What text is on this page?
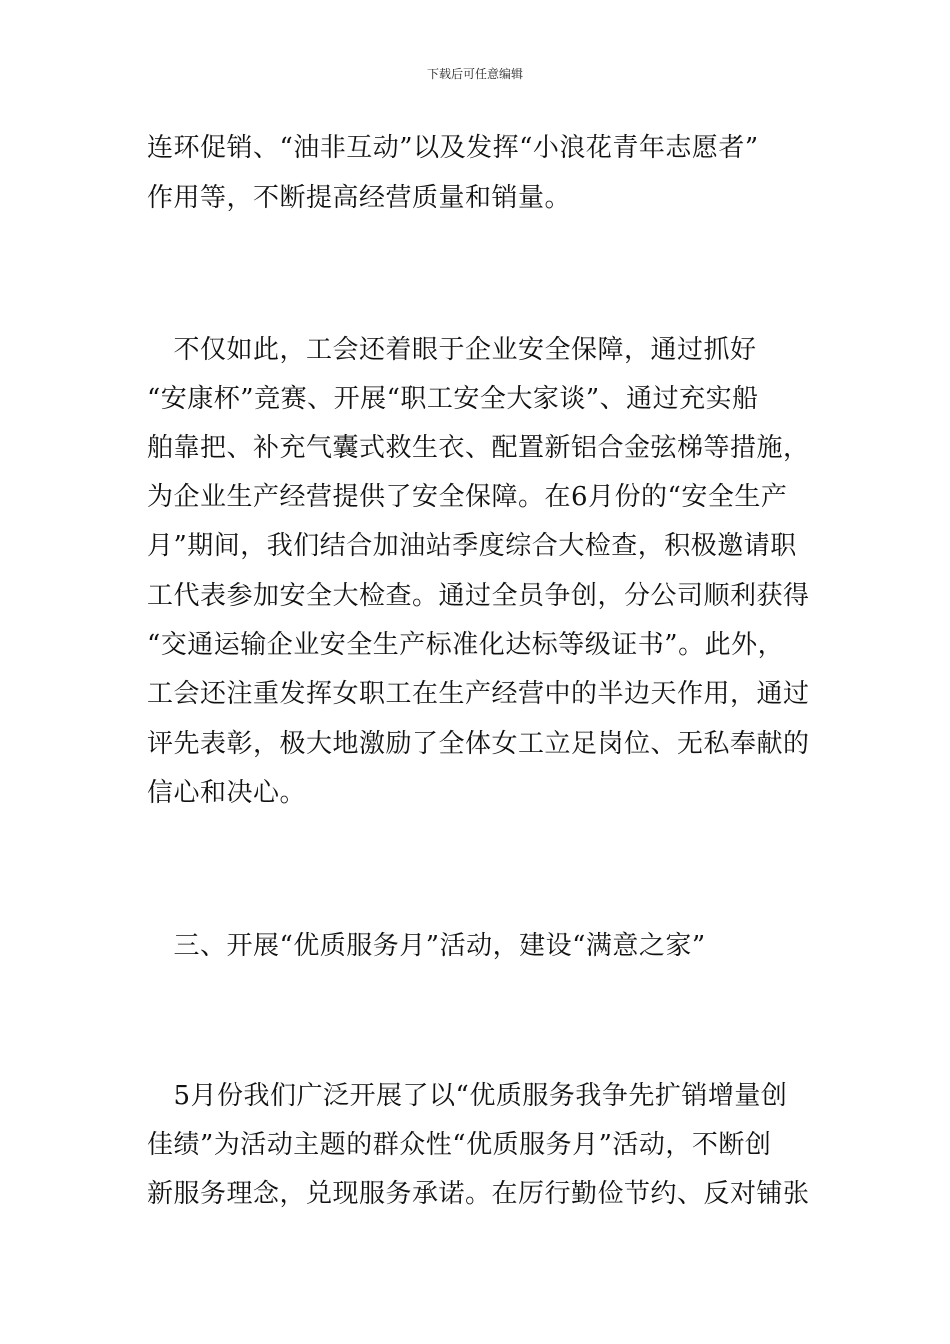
下载后可任意编辑
连环促销、“油非互动”以及发挥“小浪花青年志愿者”
作用等，不断提高经营质量和销量。
　不仅如此，工会还着眼于企业安全保障，通过抓好
“安康杯”竞赛、开展“职工安全大家谈”、通过充实船
舶靠把、补充气囊式救生衣、配置新铝合金弦梯等措施，
为企业生产经营提供了安全保障。在6月份的“安全生产
月”期间，我们结合加油站季度综合大检查，积极邀请职
工代表参加安全大检查。通过全员争创，分公司顺利获得
“交通运输企业安全生产标准化达标等级证书”。此外，
工会还注重发挥女职工在生产经营中的半边天作用，通过
评先表彰，极大地激励了全体女工立足岗位、无私奉献的
信心和决心。
　三、开展“优质服务月”活动，建设“满意之家”
　5月份我们广泛开展了以“优质服务我争先扩销增量创
佳绩”为活动主题的群众性“优质服务月”活动，不断创
新服务理念，兑现服务承诺。在厉行勤俭节约、反对铺张
